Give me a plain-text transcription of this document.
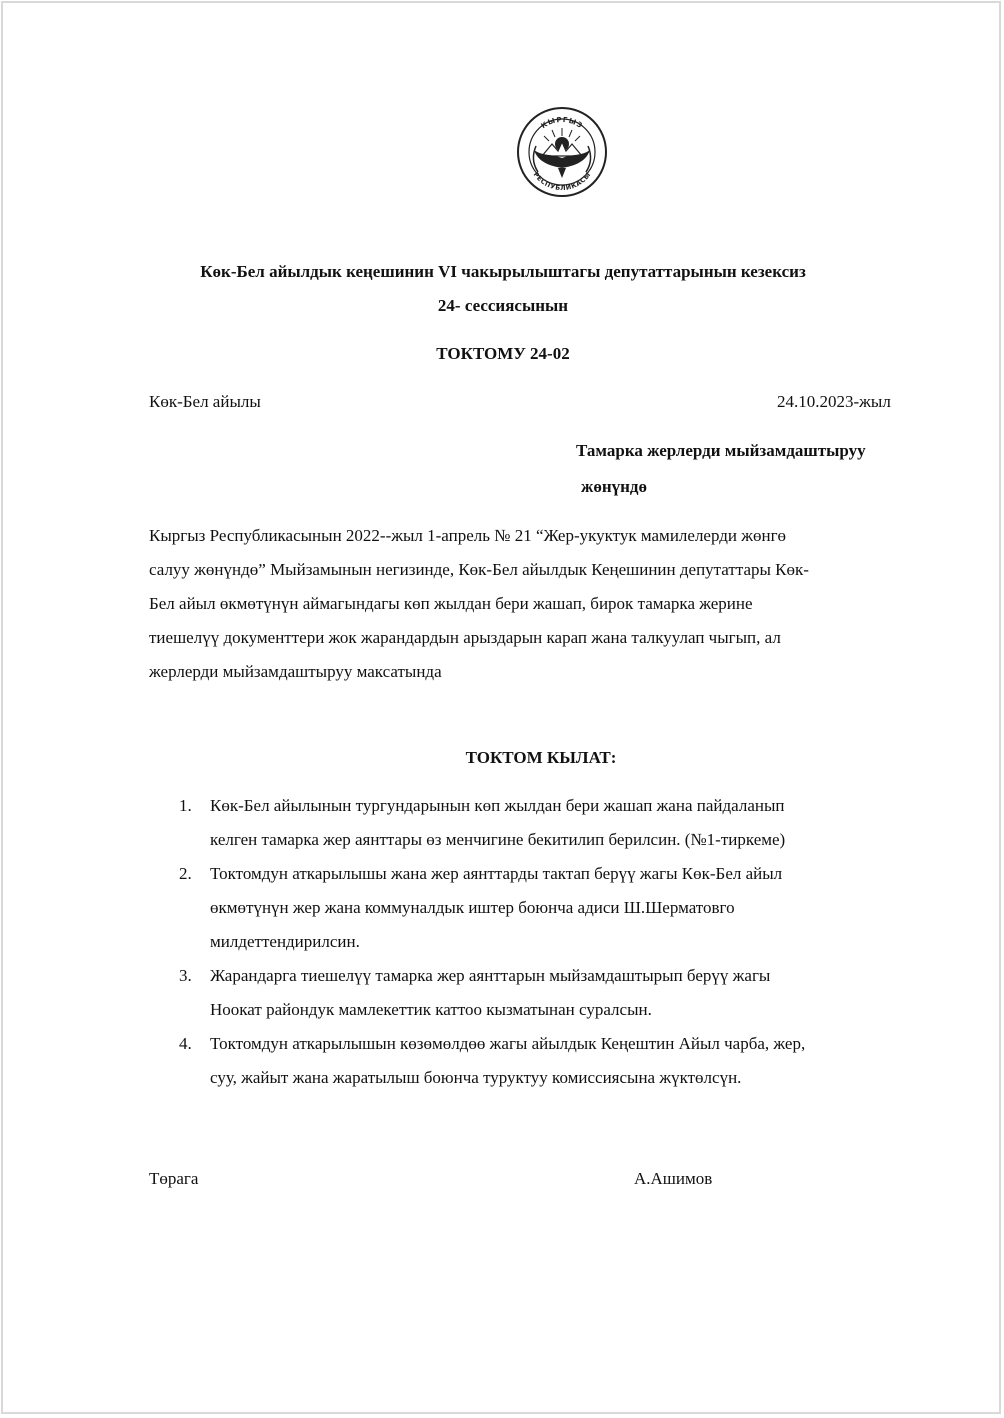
КЫРГЫЗ
РЕСПУБЛИКАСЫ
Көк-Бел айылдык кеңешинин VI чакырылыштагы депутаттарынын кезексиз
24- сессиясынын
ТОКТОМУ 24-02
Көк-Бел айылы	24.10.2023-жыл
Тамарка жерлерди мыйзамдаштыруу
жөнүндө

Кыргыз Республикасынын 2022--жыл 1-апрель № 21 “Жер-укуктук мамилелерди жөнгө
салуу жөнүндө” Мыйзамынын негизинде, Көк-Бел айылдык Кеңешинин депутаттары Көк-
Бел айыл өкмөтүнүн аймагындагы көп жылдан бери жашап, бирок тамарка жерине
тиешелүү документтери жок жарандардын арыздарын карап жана талкуулап чыгып, ал
жерлерди мыйзамдаштыруу максатында

ТОКТОМ КЫЛАТ:
1. Көк-Бел айылынын тургундарынын көп жылдан бери жашап жана пайдаланып
келген тамарка жер аянттары өз менчигине бекитилип берилсин. (№1-тиркеме)
2. Токтомдун аткарылышы жана жер аянттарды тактап берүү жагы Көк-Бел айыл
өкмөтүнүн жер жана коммуналдык иштер боюнча адиси Ш.Шерматовго
милдеттендирилсин.
3. Жарандарга тиешелүү тамарка жер аянттарын мыйзамдаштырып берүү жагы
Ноокат райондук мамлекеттик каттоо кызматынан суралсын.
4. Токтомдун аткарылышын көзөмөлдөө жагы айылдык Кеңештин Айыл чарба, жер,
суу, жайыт жана жаратылыш боюнча туруктуу комиссиясына жүктөлсүн.
Төрага	А.Ашимов
